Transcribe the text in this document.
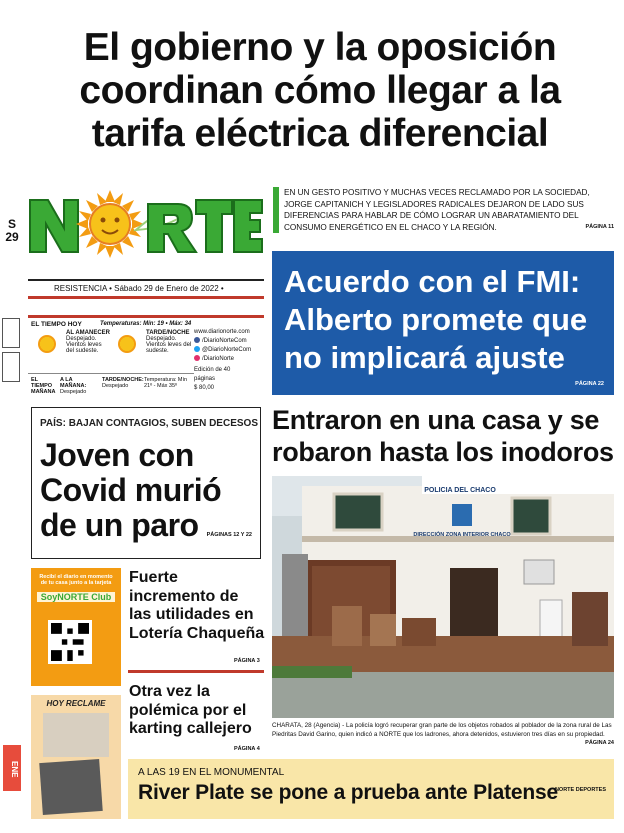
El gobierno y la oposición coordinan cómo llegar a la tarifa eléctrica diferencial
S
29
RESISTENCIA • Sábado 29 de Enero de 2022 •
EN UN GESTO POSITIVO Y MUCHAS VECES RECLAMADO POR LA SOCIEDAD, JORGE CAPITANICH Y LEGISLADORES RADICALES DEJARON DE LADO SUS DIFERENCIAS PARA HABLAR DE CÓMO LOGRAR UN ABARATAMIENTO DEL CONSUMO ENERGÉTICO EN EL CHACO Y LA REGIÓN.	PÁGINA 11
Acuerdo con el FMI: Alberto promete que no implicará ajuste
PÁGINA 22
EL TIEMPO HOY	Temperaturas: Mín: 19 • Máx: 34
AL AMANECER
Despejado. Vientos leves del sudeste.
TARDE/NOCHE
Despejado. Vientos leves del sudeste.
EL TIEMPO MAÑANA
A LA MAÑANA:
Despejado
TARDE/NOCHE:
Despejado
Temperatura: Mín 21º - Máx 35º
www.diarionorte.com
/DiarioNorteCom
@DiarioNorteCom
/DiarioNorte
Edición de 40 páginas
$ 80,00
PAÍS: BAJAN CONTAGIOS, SUBEN DECESOS
Joven con Covid murió de un paro	PÁGINAS 12 Y 22
Entraron en una casa y se robaron hasta los inodoros
POLICIA DEL CHACO
DIRECCIÓN ZONA INTERIOR CHACO
CHARATA, 28 (Agencia) - La policía logró recuperar gran parte de los objetos robados al poblador de la zona rural de Las Piedritas David Garino, quien indicó a NORTE que los ladrones, ahora detenidos, estuvieron tres días en su propiedad.
PÁGINA 24
Recibí el diario en momento de tu casa junto a la tarjeta
SoyNORTE Club
Fuerte incremento de las utilidades en Lotería Chaqueña
PÁGINA 3
HOY RECLAME
Otra vez la polémica por el karting callejero
PÁGINA 4
A LAS 19 EN EL MONUMENTAL
River Plate se pone a prueba ante Platense
NORTE DEPORTES
ENE
